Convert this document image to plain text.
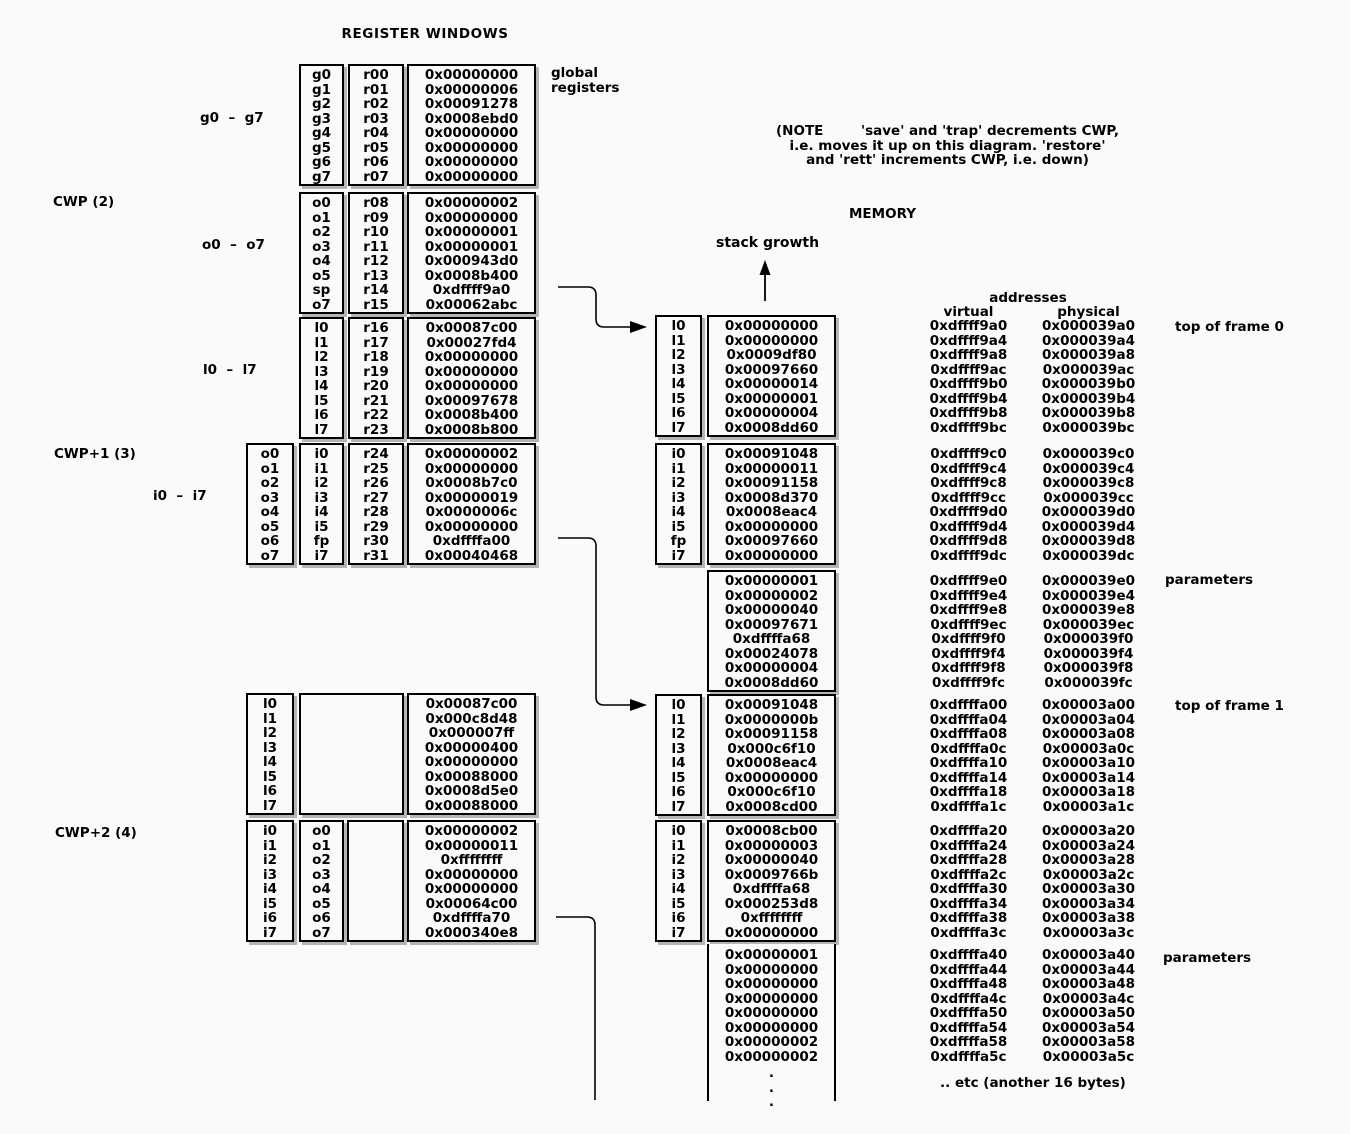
REGISTER WINDOWS
global
registers
(NOTE        'save' and 'trap' decrements CWP,
i.e. moves it up on this diagram. 'restore'
and 'rett' increments CWP, i.e. down)
MEMORY
stack growth
g0  –  g7
CWP (2)
o0  –  o7
l0  –  l7
CWP+1 (3)
i0  –  i7
CWP+2 (4)
g0
g1
g2
g3
g4
g5
g6
g7
r00
r01
r02
r03
r04
r05
r06
r07
0x00000000
0x00000006
0x00091278
0x0008ebd0
0x00000000
0x00000000
0x00000000
0x00000000
o0
o1
o2
o3
o4
o5
sp
o7
r08
r09
r10
r11
r12
r13
r14
r15
0x00000002
0x00000000
0x00000001
0x00000001
0x000943d0
0x0008b400
0xdffff9a0
0x00062abc
l0
l1
l2
l3
l4
l5
l6
l7
r16
r17
r18
r19
r20
r21
r22
r23
0x00087c00
0x00027fd4
0x00000000
0x00000000
0x00000000
0x00097678
0x0008b400
0x0008b800
o0
o1
o2
o3
o4
o5
o6
o7
i0
i1
i2
i3
i4
i5
fp
i7
r24
r25
r26
r27
r28
r29
r30
r31
0x00000002
0x00000000
0x0008b7c0
0x00000019
0x0000006c
0x00000000
0xdffffa00
0x00040468
l0
l1
l2
l3
l4
l5
l6
l7
0x00087c00
0x000c8d48
0x000007ff
0x00000400
0x00000000
0x00088000
0x0008d5e0
0x00088000
i0
i1
i2
i3
i4
i5
i6
i7
o0
o1
o2
o3
o4
o5
o6
o7
0x00000002
0x00000011
0xffffffff
0x00000000
0x00000000
0x00064c00
0xdffffa70
0x000340e8
l0
l1
l2
l3
l4
l5
l6
l7
0x00000000
0x00000000
0x0009df80
0x00097660
0x00000014
0x00000001
0x00000004
0x0008dd60
i0
i1
i2
i3
i4
i5
fp
i7
0x00091048
0x00000011
0x00091158
0x0008d370
0x0008eac4
0x00000000
0x00097660
0x00000000
0x00000001
0x00000002
0x00000040
0x00097671
0xdffffa68
0x00024078
0x00000004
0x0008dd60
l0
l1
l2
l3
l4
l5
l6
l7
0x00091048
0x0000000b
0x00091158
0x000c6f10
0x0008eac4
0x00000000
0x000c6f10
0x0008cd00
i0
i1
i2
i3
i4
i5
i6
i7
0x0008cb00
0x00000003
0x00000040
0x0009766b
0xdffffa68
0x000253d8
0xffffffff
0x00000000
0x00000001
0x00000000
0x00000000
0x00000000
0x00000000
0x00000000
0x00000002
0x00000002
.
.
.
addresses
virtual	physical
0xdffff9a0
0xdffff9a4
0xdffff9a8
0xdffff9ac
0xdffff9b0
0xdffff9b4
0xdffff9b8
0xdffff9bc
0x000039a0
0x000039a4
0x000039a8
0x000039ac
0x000039b0
0x000039b4
0x000039b8
0x000039bc
0xdffff9c0
0xdffff9c4
0xdffff9c8
0xdffff9cc
0xdffff9d0
0xdffff9d4
0xdffff9d8
0xdffff9dc
0x000039c0
0x000039c4
0x000039c8
0x000039cc
0x000039d0
0x000039d4
0x000039d8
0x000039dc
0xdffff9e0
0xdffff9e4
0xdffff9e8
0xdffff9ec
0xdffff9f0
0xdffff9f4
0xdffff9f8
0xdffff9fc
0x000039e0
0x000039e4
0x000039e8
0x000039ec
0x000039f0
0x000039f4
0x000039f8
0x000039fc
0xdffffa00
0xdffffa04
0xdffffa08
0xdffffa0c
0xdffffa10
0xdffffa14
0xdffffa18
0xdffffa1c
0x00003a00
0x00003a04
0x00003a08
0x00003a0c
0x00003a10
0x00003a14
0x00003a18
0x00003a1c
0xdffffa20
0xdffffa24
0xdffffa28
0xdffffa2c
0xdffffa30
0xdffffa34
0xdffffa38
0xdffffa3c
0x00003a20
0x00003a24
0x00003a28
0x00003a2c
0x00003a30
0x00003a34
0x00003a38
0x00003a3c
0xdffffa40
0xdffffa44
0xdffffa48
0xdffffa4c
0xdffffa50
0xdffffa54
0xdffffa58
0xdffffa5c
0x00003a40
0x00003a44
0x00003a48
0x00003a4c
0x00003a50
0x00003a54
0x00003a58
0x00003a5c
top of frame 0
parameters
top of frame 1
parameters
.. etc (another 16 bytes)
